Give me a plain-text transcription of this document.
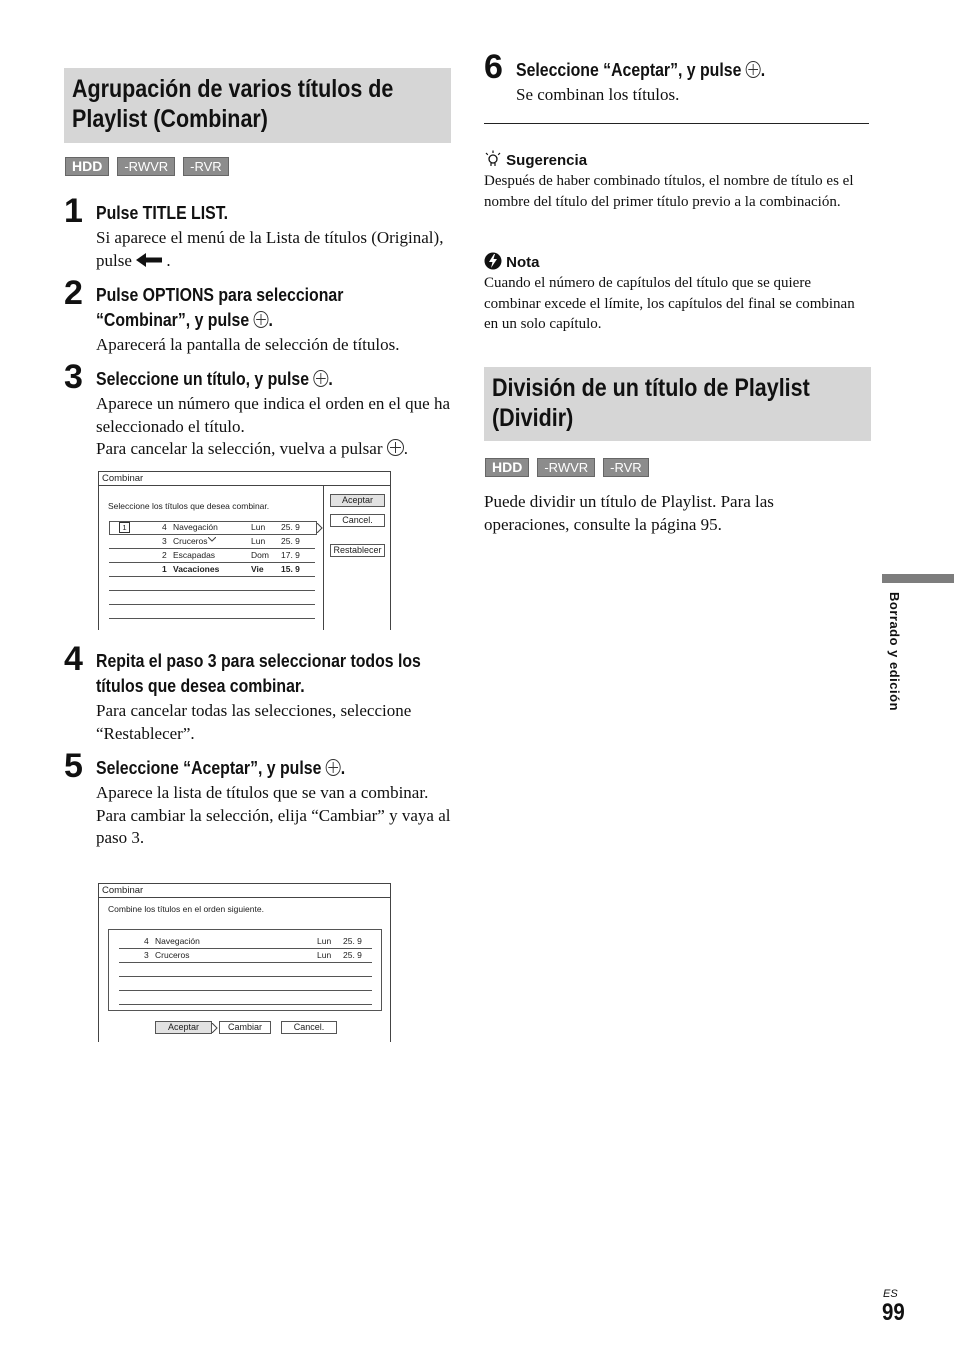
Agrupación de varios títulos de Playlist (Combinar)
HDD	-RWVR	-RVR
1 Pulse TITLE LIST.
Si aparece el menú de la Lista de títulos (Original), pulse .
2 Pulse OPTIONS para seleccionar
“Combinar”, y pulse .
Aparecerá la pantalla de selección de títulos.
3 Seleccione un título, y pulse .
Aparece un número que indica el orden en el que ha seleccionado el título.
Para cancelar la selección, vuelva a pulsar .
Combinar
Seleccione los títulos que desea combinar.
Aceptar
Cancel.
Restablecer
1	4 Navegación	Lun 25. 9
3 Cruceros	Lun 25. 9
2 Escapadas	Dom 17. 9
1 Vacaciones	Vie 15. 9
4 Repita el paso 3 para seleccionar todos los títulos que desea combinar.
Para cancelar todas las selecciones, seleccione “Restablecer”.
5 Seleccione “Aceptar”, y pulse .
Aparece la lista de títulos que se van a combinar.
Para cambiar la selección, elija “Cambiar” y vaya al paso 3.
Combinar
Combine los títulos en el orden siguiente.
4 Navegación	Lun 25. 9
3 Cruceros	Lun 25. 9
Aceptar	Cambiar	Cancel.
6 Seleccione “Aceptar”, y pulse .
Se combinan los títulos.
Sugerencia
Después de haber combinado títulos, el nombre de título es el nombre del título del primer título previo a la combinación.
Nota
Cuando el número de capítulos del título que se quiere combinar excede el límite, los capítulos del final se combinan en un solo capítulo.
División de un título de Playlist (Dividir)
HDD	-RWVR	-RVR
Puede dividir un título de Playlist. Para las operaciones, consulte la página 95.
Borrado y edición
ES
99
